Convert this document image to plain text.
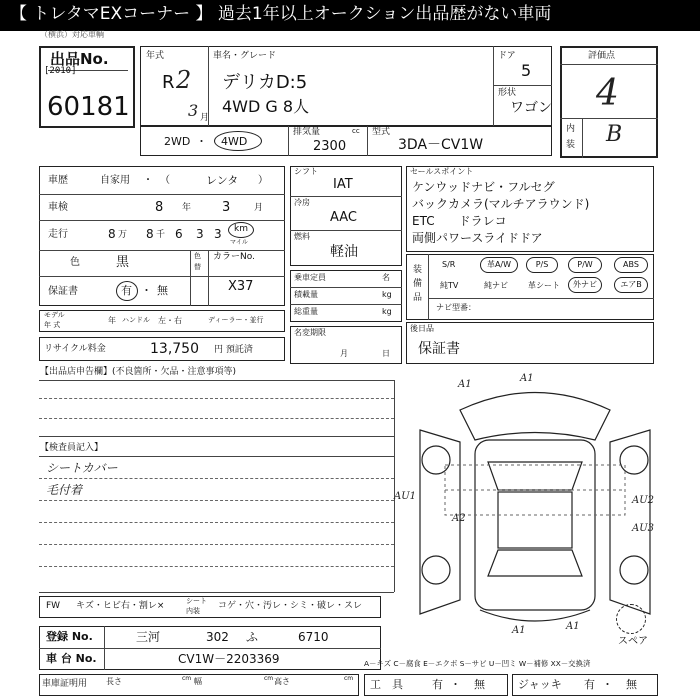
【 トレタマEXコーナー 】 過去1年以上オークション出品歴がない車両
（横浜）対応車輌
出品No.
[2010]
60181
年式
R 2
3 月
車名・グレード
デリカD:5
4WD G 8人
ドア
5
形状
ワゴン
2WD ・ 4WD
排気量	cc
2300
型式
3DA－CV1W
評価点
4
内
装 B
車歴	自家用 ・ （	レンタ ）
車検	8 年 3	月
走行	8 万 8 千 6 3 3 km
マイル
色	黒	色
替
カラーNo.
X37
保証書	有 ・ 無
モデル
年 式	年 ハンドル 左・右	ディーラー・並行
リサイクル料金	13,750 円 預託済
シフト
IAT
冷房
AAC
燃料
軽油
乗車定員	名
積載量	kg
総重量	kg
名変期限
月	日
セールスポイント
ケンウッドナビ・フルセグ
バックカメラ(マルチアラウンド)
ETC　　ドラレコ
両側パワースライドドア
装
備
品
S/R	革A/W	P/S	P/W	ABS
純TV	純ナビ	革シート	外ナビ	エアB
ナビ型番：
後日品
保証書
【出品店申告欄】(不良箇所・欠品・注意事項等)
【検査員記入】
シートカバー
毛付着
A1
A1
AU1
A2
AU2
AU3
A1	A1
スペア
FW キズ・ヒビ右・割レ×	シート
内装 コゲ・穴・汚レ・シミ・破レ・スレ
登録 No.	三河	302 ふ	6710
車 台 No.	CV1W－2203369	A－キズ C－腐食 E－エクボ S－サビ U－凹ミ W－補修 XX－交換済
車庫証明用 長さ	cm 幅	cm 高さ	cm 工　具	有 ・ 無	ジャッキ 有 ・ 無
